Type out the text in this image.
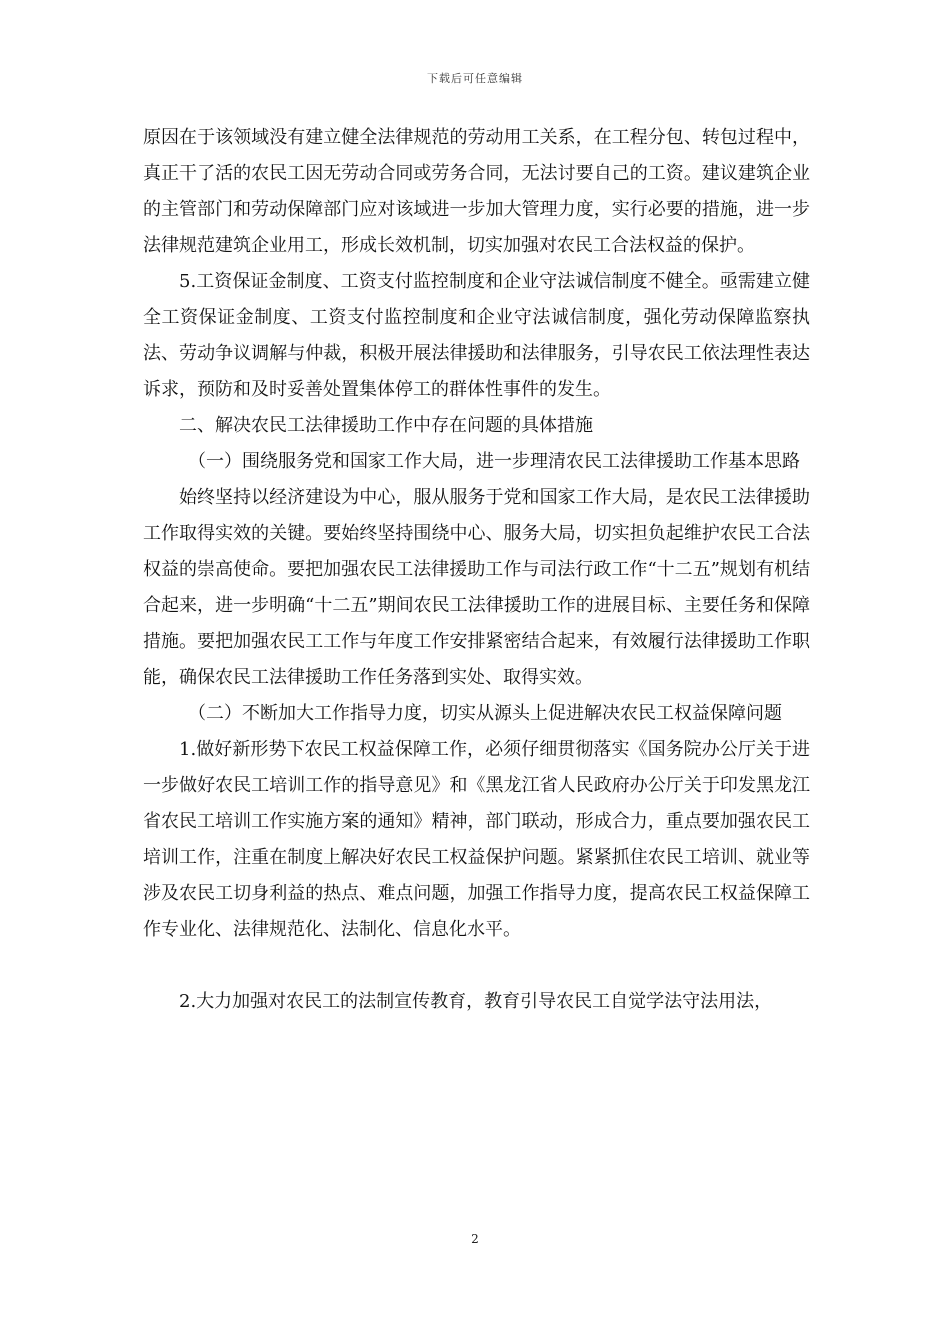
下载后可任意编辑

原因在于该领域没有建立健全法律规范的劳动用工关系，在工程分包、转包过程中，真正干了活的农民工因无劳动合同或劳务合同，无法讨要自己的工资。建议建筑企业的主管部门和劳动保障部门应对该域进一步加大管理力度，实行必要的措施，进一步法律规范建筑企业用工，形成长效机制，切实加强对农民工合法权益的保护。

5.工资保证金制度、工资支付监控制度和企业守法诚信制度不健全。亟需建立健全工资保证金制度、工资支付监控制度和企业守法诚信制度，强化劳动保障监察执法、劳动争议调解与仲裁，积极开展法律援助和法律服务，引导农民工依法理性表达诉求，预防和及时妥善处置集体停工的群体性事件的发生。

二、解决农民工法律援助工作中存在问题的具体措施

（一）围绕服务党和国家工作大局，进一步理清农民工法律援助工作基本思路

始终坚持以经济建设为中心，服从服务于党和国家工作大局，是农民工法律援助工作取得实效的关键。要始终坚持围绕中心、服务大局，切实担负起维护农民工合法权益的崇高使命。要把加强农民工法律援助工作与司法行政工作“十二五”规划有机结合起来，进一步明确“十二五”期间农民工法律援助工作的进展目标、主要任务和保障措施。要把加强农民工工作与年度工作安排紧密结合起来，有效履行法律援助工作职能，确保农民工法律援助工作任务落到实处、取得实效。

（二）不断加大工作指导力度，切实从源头上促进解决农民工权益保障问题

1.做好新形势下农民工权益保障工作，必须仔细贯彻落实《国务院办公厅关于进一步做好农民工培训工作的指导意见》和《黑龙江省人民政府办公厅关于印发黑龙江省农民工培训工作实施方案的通知》精神，部门联动，形成合力，重点要加强农民工培训工作，注重在制度上解决好农民工权益保护问题。紧紧抓住农民工培训、就业等涉及农民工切身利益的热点、难点问题，加强工作指导力度，提高农民工权益保障工作专业化、法律规范化、法制化、信息化水平。

2.大力加强对农民工的法制宣传教育，教育引导农民工自觉学法守法用法，

2
